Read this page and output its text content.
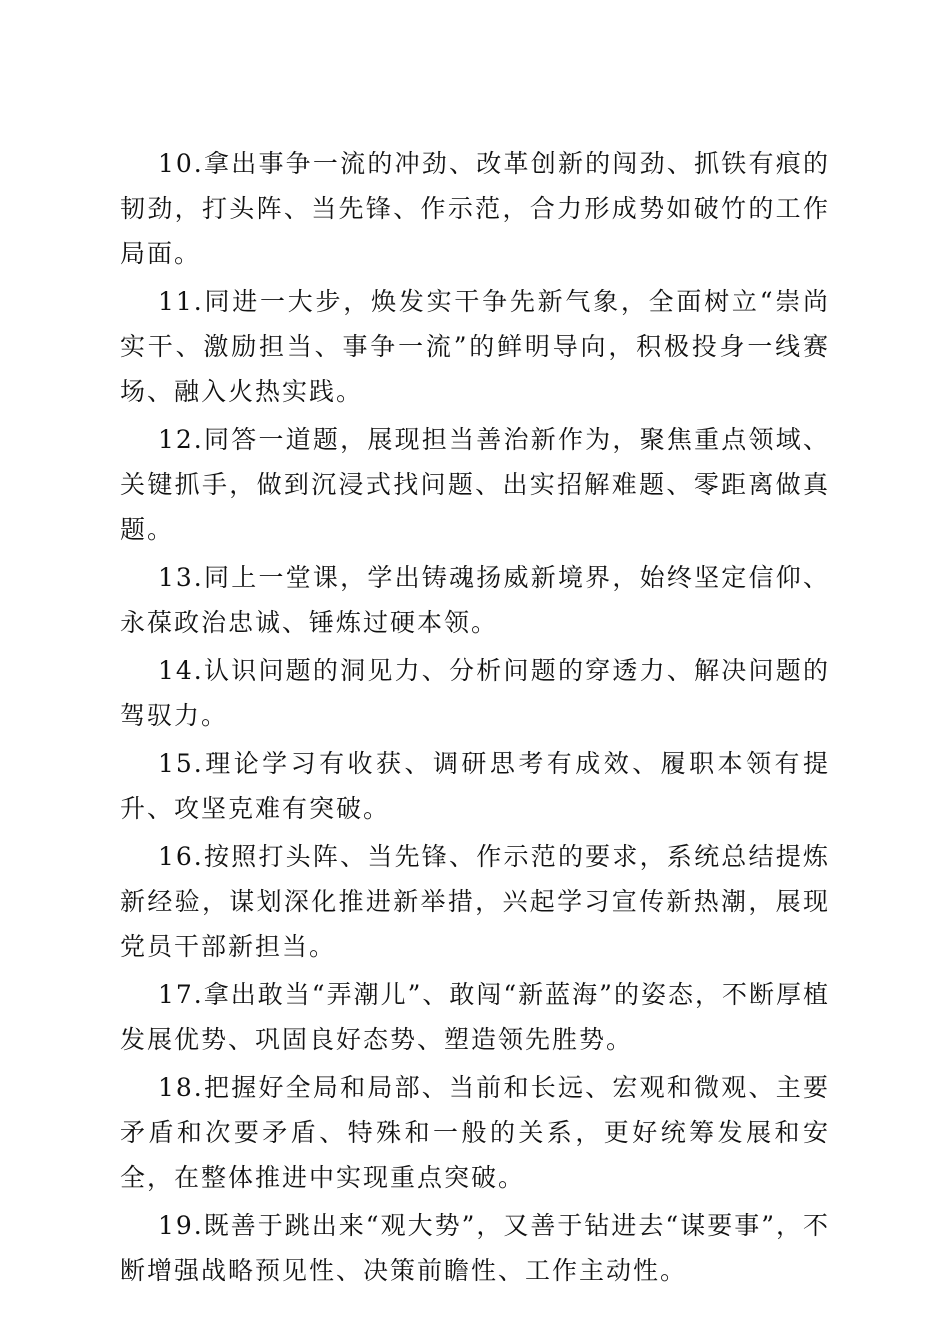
10.拿出事争一流的冲劲、改革创新的闯劲、抓铁有痕的韧劲，打头阵、当先锋、作示范，合力形成势如破竹的工作局面。

11.同进一大步，焕发实干争先新气象，全面树立“崇尚实干、激励担当、事争一流”的鲜明导向，积极投身一线赛场、融入火热实践。

12.同答一道题，展现担当善治新作为，聚焦重点领域、关键抓手，做到沉浸式找问题、出实招解难题、零距离做真题。

13.同上一堂课，学出铸魂扬威新境界，始终坚定信仰、永葆政治忠诚、锤炼过硬本领。

14.认识问题的洞见力、分析问题的穿透力、解决问题的驾驭力。

15.理论学习有收获、调研思考有成效、履职本领有提升、攻坚克难有突破。

16.按照打头阵、当先锋、作示范的要求，系统总结提炼新经验，谋划深化推进新举措，兴起学习宣传新热潮，展现党员干部新担当。

17.拿出敢当“弄潮儿”、敢闯“新蓝海”的姿态，不断厚植发展优势、巩固良好态势、塑造领先胜势。

18.把握好全局和局部、当前和长远、宏观和微观、主要矛盾和次要矛盾、特殊和一般的关系，更好统筹发展和安全，在整体推进中实现重点突破。

19.既善于跳出来“观大势”，又善于钻进去“谋要事”，不断增强战略预见性、决策前瞻性、工作主动性。
